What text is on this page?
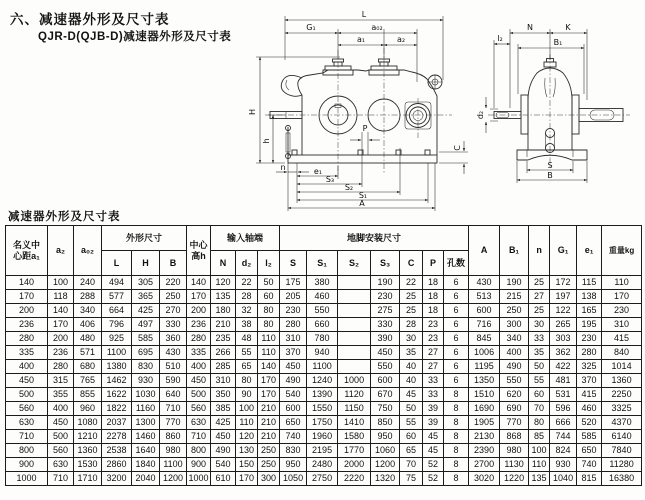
六、减速器外形及尺寸表
QJR-D(QJB-D)减速器外形及尺寸表
L
G₁	a₀₂
a₁	a₂
H
h
P
C
n	e₁
S₃
S₂
S₁
A
N	K
l₂	B₁
d₂
S
B
减速器外形及尺寸表
名义中
心距a₁	a₂	a₀₂	外形尺寸			中心
高h	输入轴端			地脚安装尺寸							A	B₁	n	G₁	e₁	重量kg
			L	H	B		N	d₂	l₂	S	S₁	S₂	S₃	C	P	孔数						
140	100	240	494	305	220	140	120	22	50	175	380		190	22	18	6	430	190	25	172	115	110
170	118	288	577	365	250	170	135	28	60	205	460		230	25	18	6	513	215	27	197	138	170
200	140	340	664	425	270	200	180	32	80	230	550		275	25	18	6	600	250	25	122	165	230
236	170	406	796	497	330	236	210	38	80	280	660		330	28	23	6	716	300	30	265	195	310
280	200	480	925	585	360	280	235	48	110	310	780		390	30	23	6	845	340	33	303	230	415
335	236	571	1100	695	430	335	266	55	110	370	940		450	35	27	6	1006	400	35	362	280	840
400	280	680	1380	830	510	400	285	65	140	450	1100		550	40	27	6	1195	490	50	422	325	1014
450	315	765	1462	930	590	450	310	80	170	490	1240	1000	600	40	33	6	1350	550	55	481	370	1360
500	355	855	1622	1030	640	500	350	90	170	540	1390	1120	670	45	33	8	1510	620	60	531	415	2250
560	400	960	1822	1160	710	560	385	100	210	600	1550	1150	750	50	39	8	1690	690	70	596	460	3325
630	450	1080	2037	1300	770	630	425	110	210	650	1750	1410	850	55	39	8	1905	770	80	666	520	4370
710	500	1210	2278	1460	860	710	450	120	210	740	1960	1580	950	60	45	8	2130	868	85	744	585	6140
800	560	1360	2538	1640	980	800	490	130	250	830	2195	1770	1060	65	45	8	2390	980	100	824	650	7840
900	630	1530	2860	1840	1100	900	540	150	250	950	2480	2000	1200	70	52	8	2700	1130	110	930	740	11280
1000	710	1710	3200	2040	1200	1000	610	170	300	1050	2750	2220	1320	75	52	8	3020	1220	135	1040	815	16380
